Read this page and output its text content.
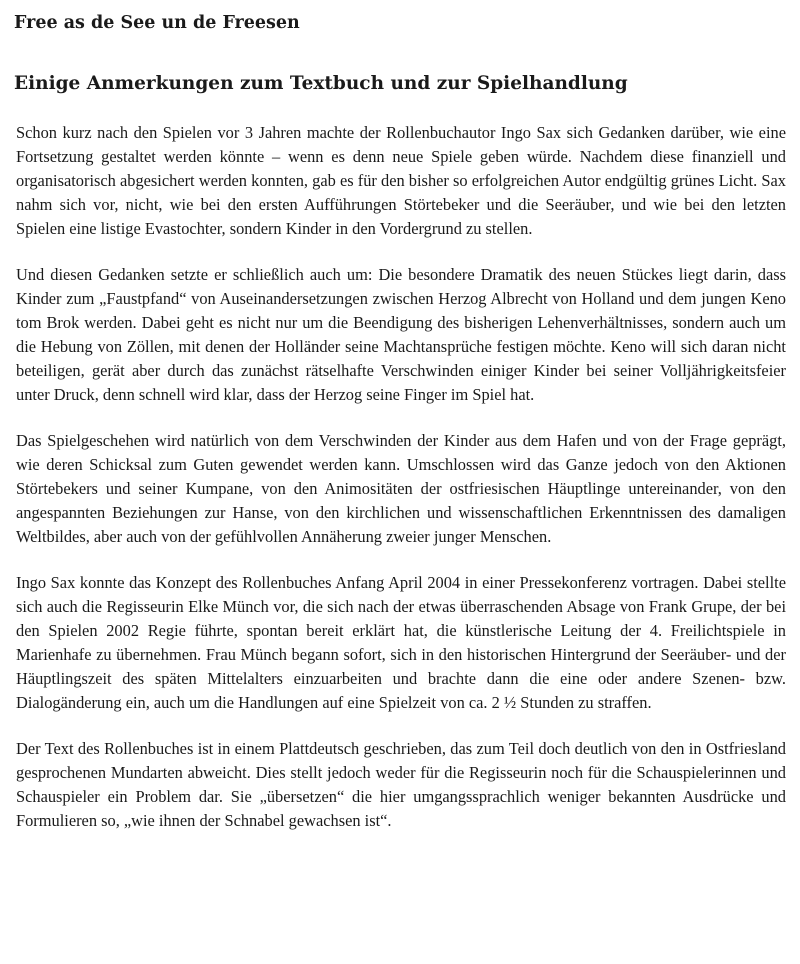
Free as de See un de Freesen
Einige Anmerkungen zum Textbuch und zur Spielhandlung

Schon kurz nach den Spielen vor 3 Jahren machte der Rollenbuchautor Ingo Sax sich Gedanken darüber, wie eine Fortsetzung gestaltet werden könnte – wenn es denn neue Spiele geben würde. Nachdem diese finanziell und organisatorisch abgesichert werden konnten, gab es für den bisher so erfolgreichen Autor endgültig grünes Licht. Sax nahm sich vor, nicht, wie bei den ersten Aufführungen Störtebeker und die Seeräuber, und wie bei den letzten Spielen eine listige Evastochter, sondern Kinder in den Vordergrund zu stellen.

Und diesen Gedanken setzte er schließlich auch um: Die besondere Dramatik des neuen Stückes liegt darin, dass Kinder zum „Faustpfand“ von Auseinandersetzungen zwischen Herzog Albrecht von Holland und dem jungen Keno tom Brok werden. Dabei geht es nicht nur um die Beendigung des bisherigen Lehenverhältnisses, sondern auch um die Hebung von Zöllen, mit denen der Holländer seine Machtansprüche festigen möchte. Keno will sich daran nicht beteiligen, gerät aber durch das zunächst rätselhafte Verschwinden einiger Kinder bei seiner Volljährigkeitsfeier unter Druck, denn schnell wird klar, dass der Herzog seine Finger im Spiel hat.

Das Spielgeschehen wird natürlich von dem Verschwinden der Kinder aus dem Hafen und von der Frage geprägt, wie deren Schicksal zum Guten gewendet werden kann. Umschlossen wird das Ganze jedoch von den Aktionen Störtebekers und seiner Kumpane, von den Animositäten der ostfriesischen Häuptlinge untereinander, von den angespannten Beziehungen zur Hanse, von den kirchlichen und wissenschaftlichen Erkenntnissen des damaligen Weltbildes, aber auch von der gefühlvollen Annäherung zweier junger Menschen.

Ingo Sax konnte das Konzept des Rollenbuches Anfang April 2004 in einer Pressekonferenz vortragen. Dabei stellte sich auch die Regisseurin Elke Münch vor, die sich nach der etwas überraschenden Absage von Frank Grupe, der bei den Spielen 2002 Regie führte, spontan bereit erklärt hat, die künstlerische Leitung der 4. Freilichtspiele in Marienhafe zu übernehmen. Frau Münch begann sofort, sich in den historischen Hintergrund der Seeräuber- und der Häuptlingszeit des späten Mittelalters einzuarbeiten und brachte dann die eine oder andere Szenen- bzw. Dialogänderung ein, auch um die Handlungen auf eine Spielzeit von ca. 2 ½ Stunden zu straffen.

Der Text des Rollenbuches ist in einem Plattdeutsch geschrieben, das zum Teil doch deutlich von den in Ostfriesland gesprochenen Mundarten abweicht. Dies stellt jedoch weder für die Regisseurin noch für die Schauspielerinnen und Schauspieler ein Problem dar. Sie „übersetzen“ die hier umgangssprachlich weniger bekannten Ausdrücke und Formulieren so, „wie ihnen der Schnabel gewachsen ist“.
